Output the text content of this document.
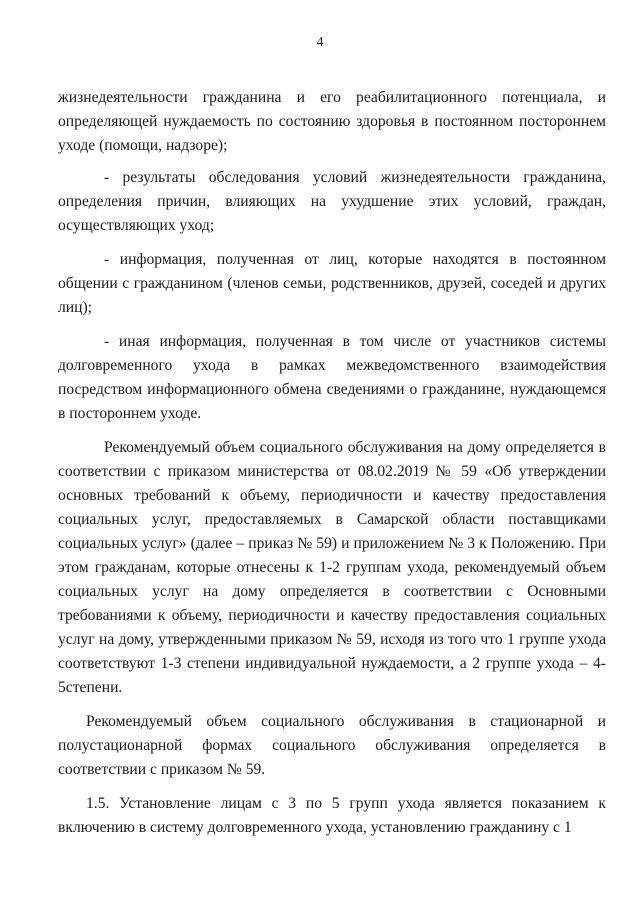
4

жизнедеятельности гражданина и его реабилитационного потенциала, и определяющей нуждаемость по состоянию здоровья в постоянном постороннем уходе (помощи, надзоре);

- результаты обследования условий жизнедеятельности гражданина, определения причин, влияющих на ухудшение этих условий, граждан, осуществляющих уход;

- информация, полученная от лиц, которые находятся в постоянном общении с гражданином (членов семьи, родственников, друзей, соседей и других лиц);

- иная информация, полученная в том числе от участников системы долговременного ухода в рамках межведомственного взаимодействия посредством информационного обмена сведениями о гражданине, нуждающемся в постороннем уходе.

Рекомендуемый объем социального обслуживания на дому определяется в соответствии с приказом министерства от 08.02.2019 № 59 «Об утверждении основных требований к объему, периодичности и качеству предоставления социальных услуг, предоставляемых в Самарской области поставщиками социальных услуг» (далее – приказ № 59) и приложением № 3 к Положению. При этом гражданам, которые отнесены к 1-2 группам ухода, рекомендуемый объем социальных услуг на дому определяется в соответствии с Основными требованиями к объему, периодичности и качеству предоставления социальных услуг на дому, утвержденными приказом № 59, исходя из того что 1 группе ухода соответствуют 1-3 степени индивидуальной нуждаемости, а 2 группе ухода – 4-5степени.

Рекомендуемый объем социального обслуживания в стационарной и полустационарной формах социального обслуживания определяется в соответствии с приказом № 59.

1.5. Установление лицам с 3 по 5 групп ухода является показанием к включению в систему долговременного ухода, установлению гражданину с 1
